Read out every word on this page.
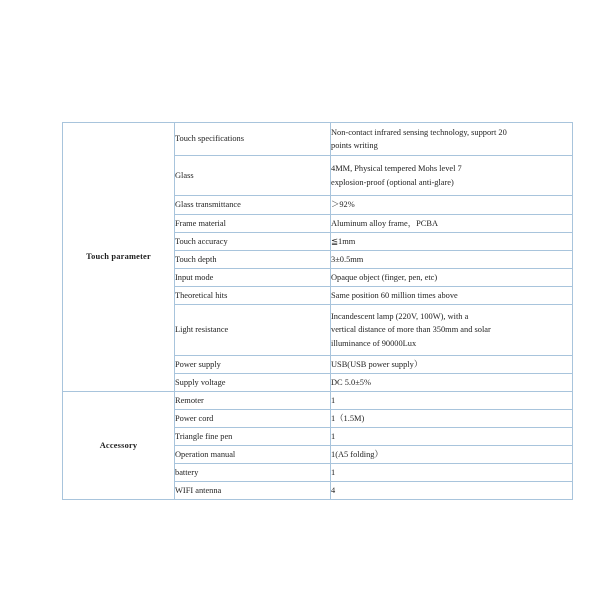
Touch parameter	Touch specifications	Non-contact infrared sensing technology, support 20

points writing

	Glass	4MM, Physical tempered Mohs level 7

explosion-proof (optional anti-glare)

	Glass transmittance	＞92%
	Frame material	Aluminum alloy frame，PCBA
	Touch accuracy	≦1mm
	Touch depth	3±0.5mm
	Input mode	Opaque object (finger, pen, etc)
	Theoretical hits	Same position 60 million times above
	Light resistance	Incandescent lamp (220V, 100W), with a

vertical distance of more than 350mm and solar

illuminance of 90000Lux

	Power supply	USB(USB power supply）
	Supply voltage	DC 5.0±5%
Accessory	Remoter	1
	Power cord	1（1.5M)
	Triangle fine pen	1
	Operation manual	1(A5 folding）
	battery	1
	WIFI antenna	4
